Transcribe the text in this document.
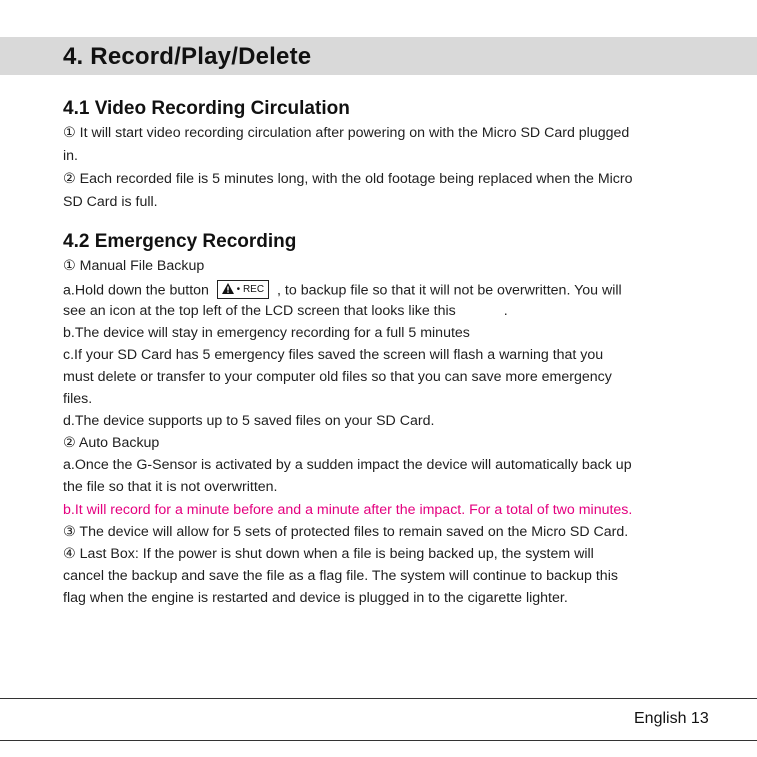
4. Record/Play/Delete
4.1 Video Recording Circulation
① It will start video recording circulation after powering on with the Micro SD Card plugged
in.
② Each recorded file is 5 minutes long, with the old footage being replaced when the Micro
SD Card is full.
4.2 Emergency Recording
① Manual File Backup
a.Hold down the button	• REC , to backup file so that it will not be overwritten. You will
see an icon at the top left of the LCD screen that looks like this	.
b.The device will stay in emergency recording for a full 5 minutes
c.If your SD Card has 5 emergency files saved the screen will flash a warning that you
must delete or transfer to your computer old files so that you can save more emergency
files.
d.The device supports up to 5 saved files on your SD Card.
② Auto Backup
a.Once the G-Sensor is activated by a sudden impact the device will automatically back up
the file so that it is not overwritten.
b.It will record for a minute before and a minute after the impact. For a total of two minutes.
③ The device will allow for 5 sets of protected files to remain saved on the Micro SD Card.
④ Last Box: If the power is shut down when a file is being backed up, the system will
cancel the backup and save the file as a flag file. The system will continue to backup this
flag when the engine is restarted and device is plugged in to the cigarette lighter.
English 13
